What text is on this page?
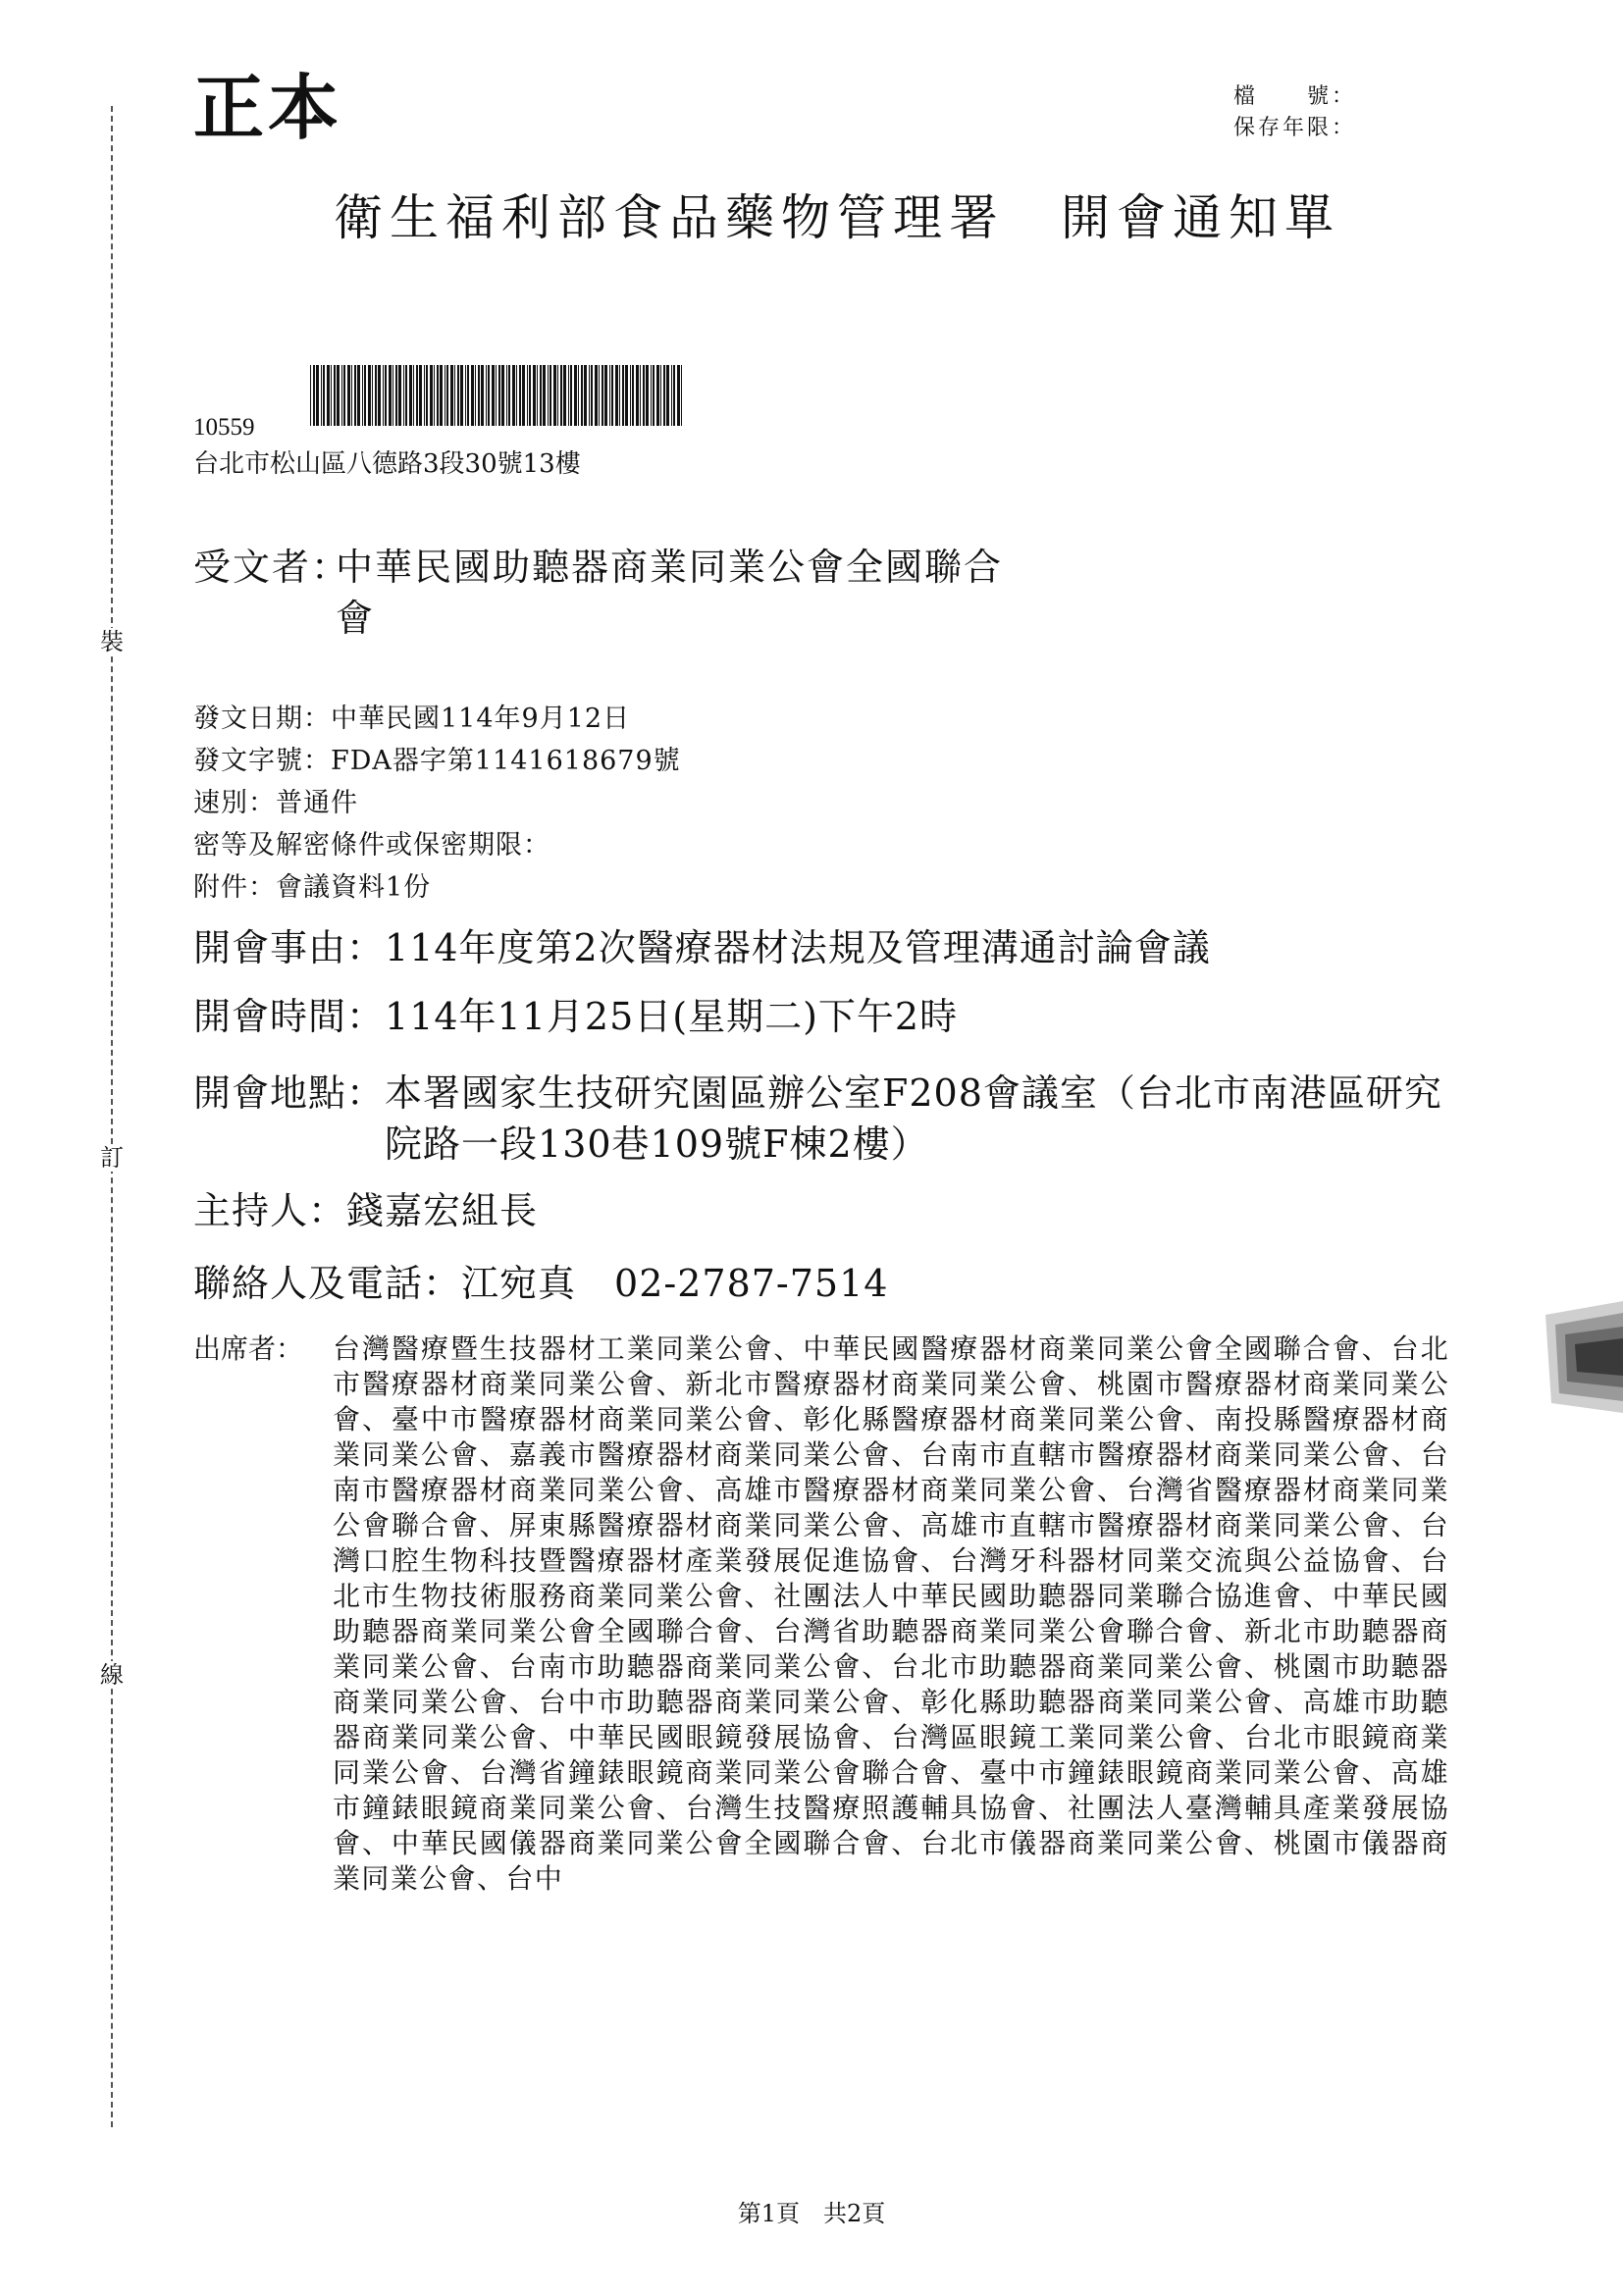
裝
訂
線
正本	檔　　號：
保存年限：
衛生福利部食品藥物管理署　開會通知單
10559
台北市松山區八德路3段30號13樓
受文者：
中華民國助聽器商業同業公會全國聯合會
發文日期：中華民國114年9月12日
發文字號：FDA器字第1141618679號
速別：普通件
密等及解密條件或保密期限：
附件：會議資料1份
開會事由： 114年度第2次醫療器材法規及管理溝通討論會議
開會時間： 114年11月25日(星期二)下午2時
開會地點： 本署國家生技研究園區辦公室F208會議室（台北市南港區研究院路一段130巷109號F棟2樓）
主持人： 錢嘉宏組長
聯絡人及電話： 江宛真　02-2787-7514
出席者：	台灣醫療暨生技器材工業同業公會、中華民國醫療器材商業同業公會全國聯合會、台北市醫療器材商業同業公會、新北市醫療器材商業同業公會、桃園市醫療器材商業同業公會、臺中市醫療器材商業同業公會、彰化縣醫療器材商業同業公會、南投縣醫療器材商業同業公會、嘉義市醫療器材商業同業公會、台南市直轄市醫療器材商業同業公會、台南市醫療器材商業同業公會、高雄市醫療器材商業同業公會、台灣省醫療器材商業同業公會聯合會、屏東縣醫療器材商業同業公會、高雄市直轄市醫療器材商業同業公會、台灣口腔生物科技暨醫療器材產業發展促進協會、台灣牙科器材同業交流與公益協會、台北市生物技術服務商業同業公會、社團法人中華民國助聽器同業聯合協進會、中華民國助聽器商業同業公會全國聯合會、台灣省助聽器商業同業公會聯合會、新北市助聽器商業同業公會、台南市助聽器商業同業公會、台北市助聽器商業同業公會、桃園市助聽器商業同業公會、台中市助聽器商業同業公會、彰化縣助聽器商業同業公會、高雄市助聽器商業同業公會、中華民國眼鏡發展協會、台灣區眼鏡工業同業公會、台北市眼鏡商業同業公會、台灣省鐘錶眼鏡商業同業公會聯合會、臺中市鐘錶眼鏡商業同業公會、高雄市鐘錶眼鏡商業同業公會、台灣生技醫療照護輔具協會、社團法人臺灣輔具產業發展協會、中華民國儀器商業同業公會全國聯合會、台北市儀器商業同業公會、桃園市儀器商業同業公會、台中
第1頁　共2頁
